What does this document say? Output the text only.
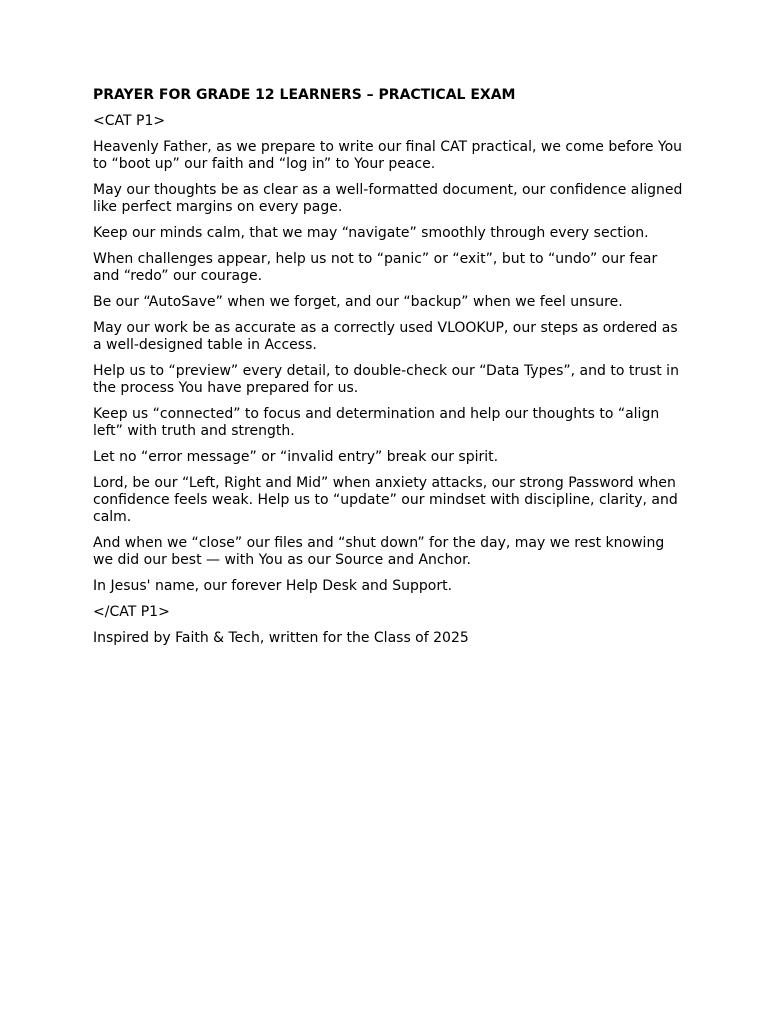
PRAYER FOR GRADE 12 LEARNERS – PRACTICAL EXAM

<CAT P1>

Heavenly Father, as we prepare to write our final CAT practical, we come before You to “boot up” our faith and “log in” to Your peace.

May our thoughts be as clear as a well-formatted document, our confidence aligned like perfect margins on every page.

Keep our minds calm, that we may “navigate” smoothly through every section.

When challenges appear, help us not to “panic” or “exit”, but to “undo” our fear and “redo” our courage.

Be our “AutoSave” when we forget, and our “backup” when we feel unsure.

May our work be as accurate as a correctly used VLOOKUP, our steps as ordered as a well-designed table in Access.

Help us to “preview” every detail, to double-check our “Data Types”, and to trust in the process You have prepared for us.

Keep us “connected” to focus and determination and help our thoughts to “align left” with truth and strength.

Let no “error message” or “invalid entry” break our spirit.

Lord, be our “Left, Right and Mid” when anxiety attacks, our strong Password when confidence feels weak. Help us to “update” our mindset with discipline, clarity, and calm.

And when we “close” our files and “shut down” for the day, may we rest knowing we did our best — with You as our Source and Anchor.

In Jesus' name, our forever Help Desk and Support.

</CAT P1>

Inspired by Faith & Tech, written for the Class of 2025
